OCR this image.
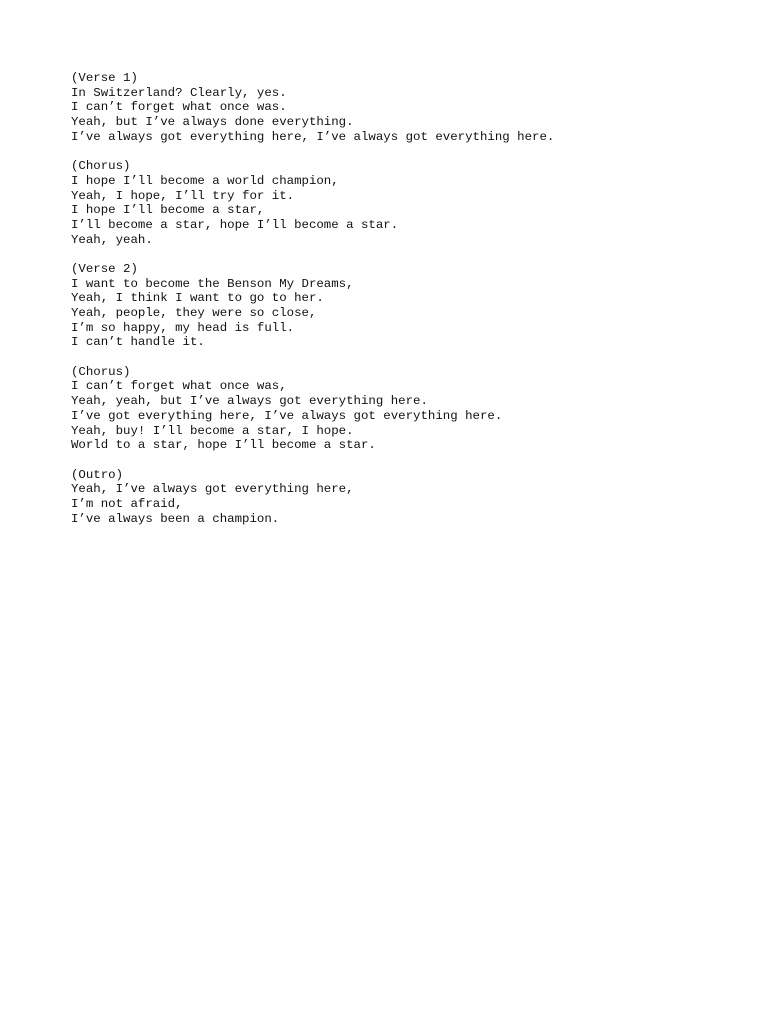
(Verse 1)
In Switzerland? Clearly, yes.
I can’t forget what once was.
Yeah, but I’ve always done everything.
I’ve always got everything here, I’ve always got everything here.
(Chorus)
I hope I’ll become a world champion,
Yeah, I hope, I’ll try for it.
I hope I’ll become a star,
I’ll become a star, hope I’ll become a star.
Yeah, yeah.
(Verse 2)
I want to become the Benson My Dreams,
Yeah, I think I want to go to her.
Yeah, people, they were so close,
I’m so happy, my head is full.
I can’t handle it.
(Chorus)
I can’t forget what once was,
Yeah, yeah, but I’ve always got everything here.
I’ve got everything here, I’ve always got everything here.
Yeah, buy! I’ll become a star, I hope.
World to a star, hope I’ll become a star.
(Outro)
Yeah, I’ve always got everything here,
I’m not afraid,
I’ve always been a champion.
